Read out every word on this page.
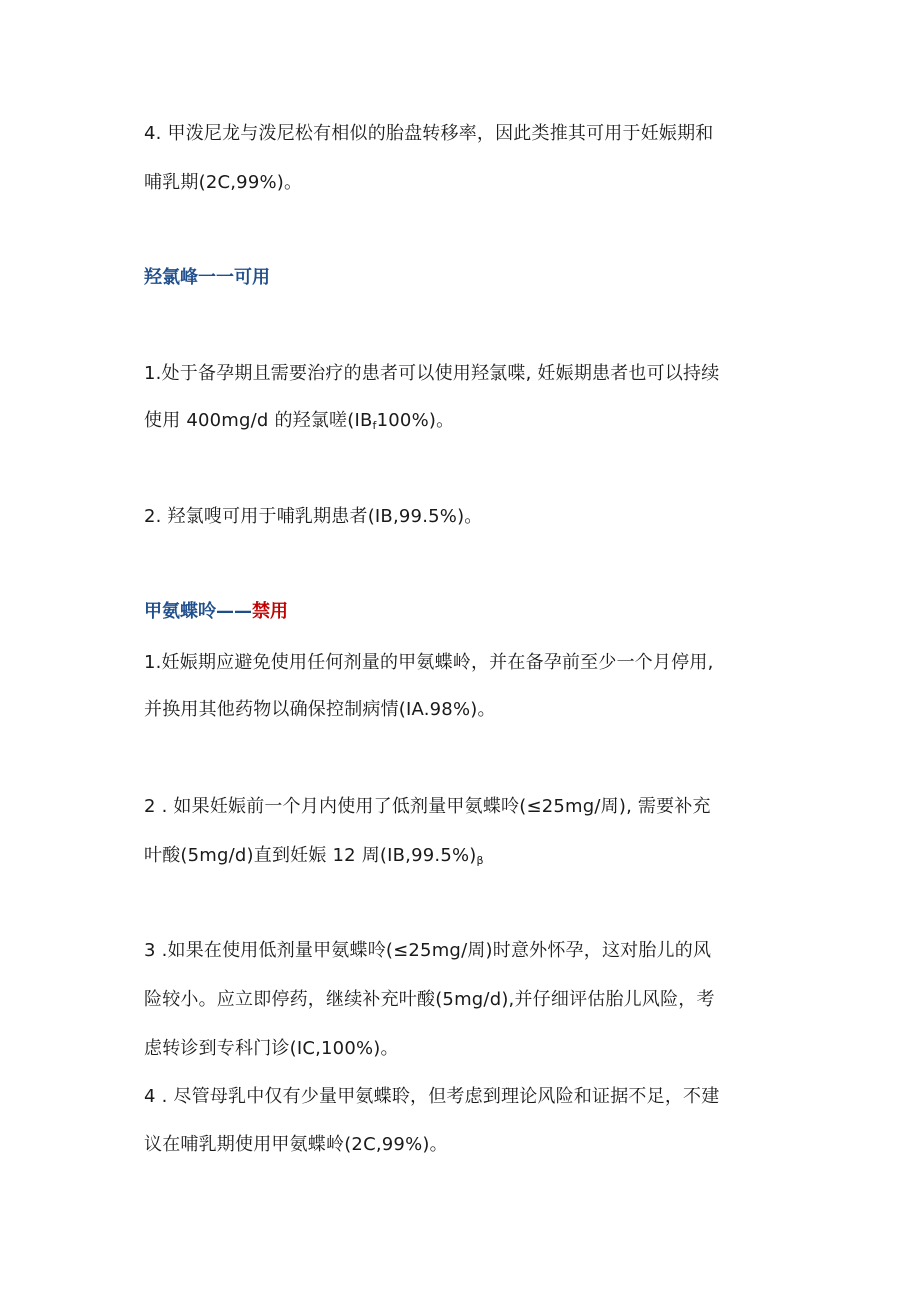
4. 甲泼尼龙与泼尼松有相似的胎盘转移率，因此类推其可用于妊娠期和
哺乳期(2C,99%)。
羟氯峰一一可用
1.处于备孕期且需要治疗的患者可以使用羟氯喋, 妊娠期患者也可以持续
使用 400mg/d 的羟氯嗟$(IB_f100\%)$。
2. 羟氯嗖可用于哺乳期患者(IB,99.5%)。
甲氨蝶呤——禁用
1.妊娠期应避免使用任何剂量的甲氨蝶岭，并在备孕前至少一个月停用,
并换用其他药物以确保控制病情(IA.98%)。
2 . 如果妊娠前一个月内使用了低剂量甲氨蝶呤(≤25mg/周), 需要补充
叶酸(5mg/d)直到妊娠 12 周$(IB,99.5\%)_\beta$
3 .如果在使用低剂量甲氨蝶呤(≤25mg/周)时意外怀孕，这对胎儿的风
险较小。应立即停药，继续补充叶酸(5mg/d),并仔细评估胎儿风险，考
虑转诊到专科门诊(IC,100%)。
4 . 尽管母乳中仅有少量甲氨蝶聆，但考虑到理论风险和证据不足，不建
议在哺乳期使用甲氨蝶岭(2C,99%)。
